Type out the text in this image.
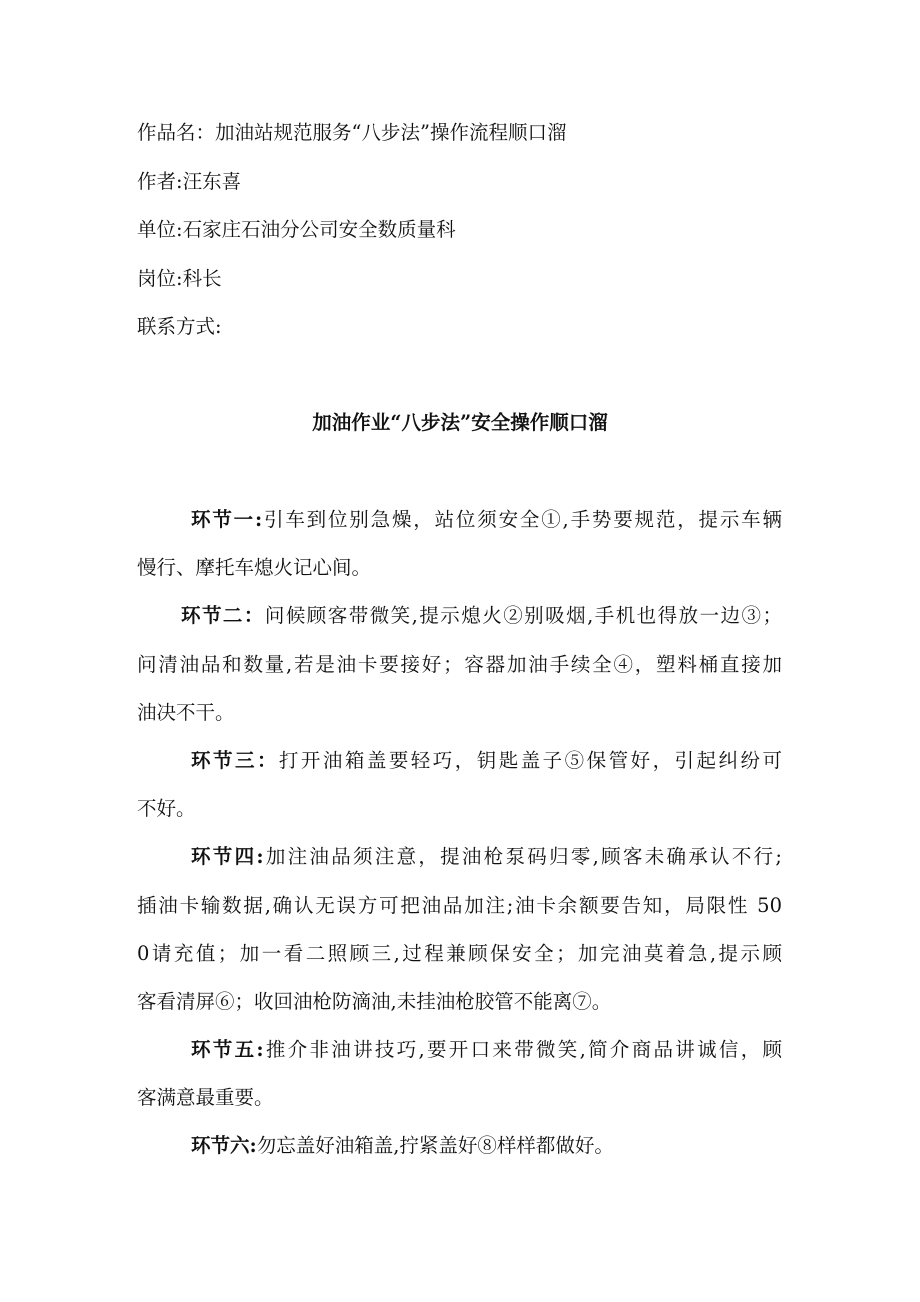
作品名：加油站规范服务“八步法”操作流程顺口溜
作者:汪东喜
单位:石家庄石油分公司安全数质量科
岗位:科长
联系方式:
加油作业“八步法”安全操作顺口溜
环节一:引车到位别急燥，站位须安全①,手势要规范，提示车辆
慢行、摩托车熄火记心间。
环节二：问候顾客带微笑,提示熄火②别吸烟,手机也得放一边③；
问清油品和数量,若是油卡要接好；容器加油手续全④，塑料桶直接加
油决不干。
环节三：打开油箱盖要轻巧，钥匙盖子⑤保管好，引起纠纷可
不好。
环节四:加注油品须注意，提油枪泵码归零,顾客未确承认不行;
插油卡输数据,确认无误方可把油品加注;油卡余额要告知，局限性 50
0请充值；加一看二照顾三,过程兼顾保安全；加完油莫着急,提示顾
客看清屏⑥；收回油枪防滴油,未挂油枪胶管不能离⑦。
环节五:推介非油讲技巧,要开口来带微笑,简介商品讲诚信，顾
客满意最重要。
环节六:勿忘盖好油箱盖,拧紧盖好⑧样样都做好。
